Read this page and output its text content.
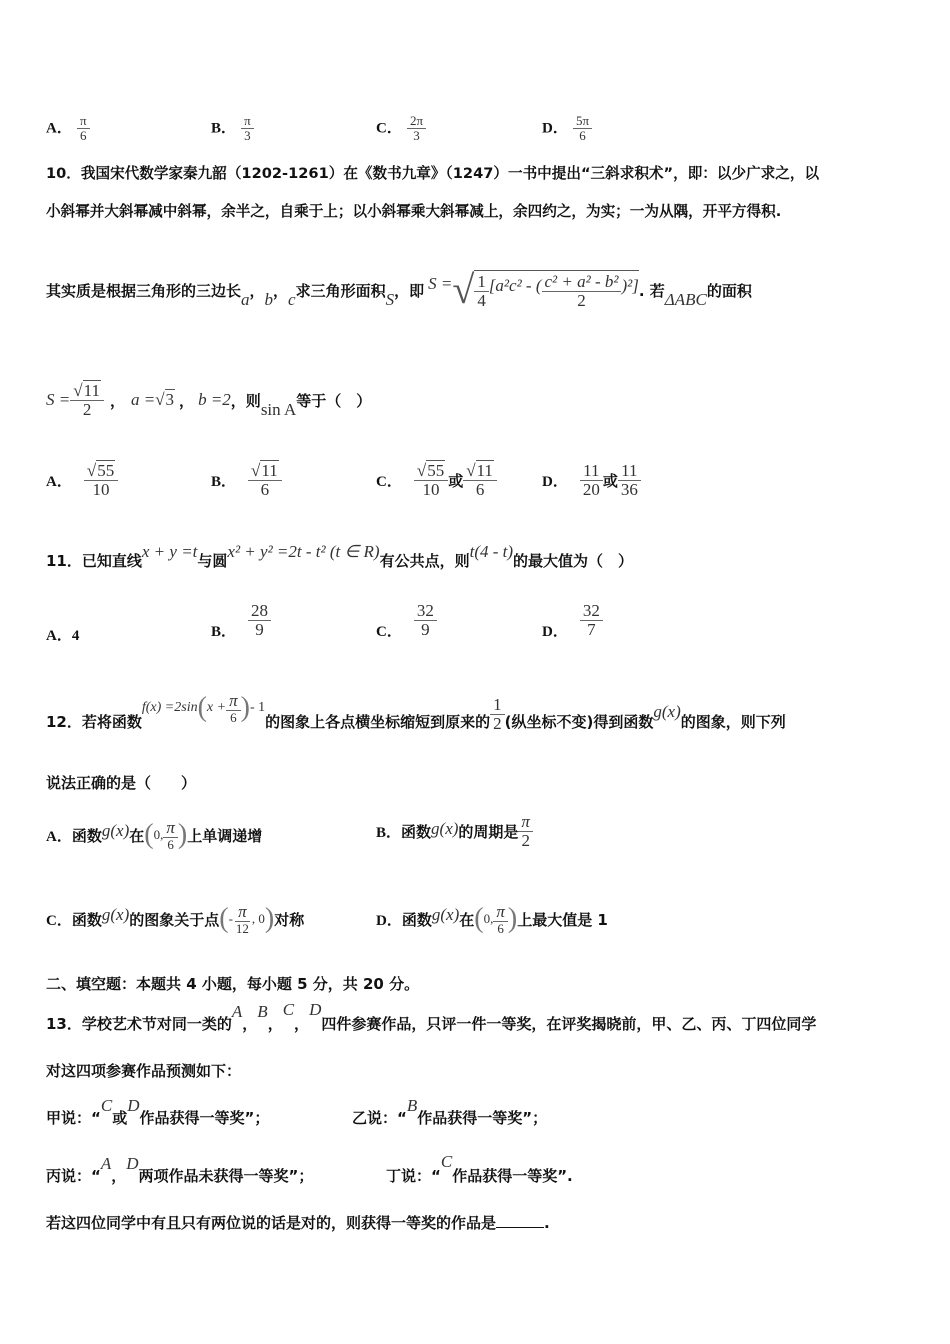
A． $\frac{\pi}{6}$	B． $\frac{\pi}{3}$	C． $\frac{2\pi}{3}$	D． $\frac{5\pi}{6}$
10．我国宋代数学家秦九韶（1202-1261）在《数书九章》（1247）一书中提出“三斜求积术”，即：以少广求之，以
小斜幂并大斜幂减中斜幂，余半之，自乘于上；以小斜幂乘大斜幂减上，余四约之，为实；一为从隅，开平方得积.
其实质是根据三角形的三边长 a ， b ， c 求三角形面积 S ，即 S = √ $\frac{1}{4} [a^2c^2$ - ( $\frac{\text{c² + a² - b²}}{2} )^2$] . 若 ΔABC 的面积
$S = \frac{√11}{2}$ ， a = √ 3 ， b =2 ，则 sin A 等于（　）
A． $\frac{√55}{10}$	B． $\frac{√11}{6}$	C． $\frac{√55}{10}$ 或 $\frac{√11}{6}$	D． $\frac{11}{20}$ 或 $\frac{11}{36}$
11．已知直线 x + y =t 与圆 x² + y² =2t - t² (t ∈ R) 有公共点，则 t(4 - t) 的最大值为（　）
A．4	B． $\frac{28}{9}$	C． $\frac{32}{9}$	D． $\frac{32}{7}$
12．若将函数
f(x) =2sin ( $x + \frac{\pi}{6}$ ) - 1
的图象上各点横坐标缩短到原来的 $\frac{1}{2}$ (纵坐标不变)得到函数
g(x)
的图象，则下列
说法正确的是（　　）
A． 函数 g(x) 在 ( 0, $\frac{\pi}{6}$ ) 上单调递增	B． 函数 g(x) 的周期是 $\frac{\pi}{2}$
C． 函数 g(x) 的图象关于点 ( - $\frac{\pi}{12}$ , 0 ) 对称	D． 函数 g(x) 在 ( 0, $\frac{\pi}{6}$ ) 上最大值是 1
二、填空题：本题共 4 小题，每小题 5 分，共 20 分。
13．学校艺术节对同一类的
A
，
B
，
C
，
D
四件参赛作品，只评一件一等奖，在评奖揭晓前，甲、乙、丙、丁四位同学
对这四项参赛作品预测如下：
甲说：“
C
或
D
作品获得一等奖”；	乙说：“
B
作品获得一等奖”；
丙说：“
A
，
D
两项作品未获得一等奖”；	丁说：“
C
作品获得一等奖”.
若这四位同学中有且只有两位说的话是对的，则获得一等奖的作品是	.
